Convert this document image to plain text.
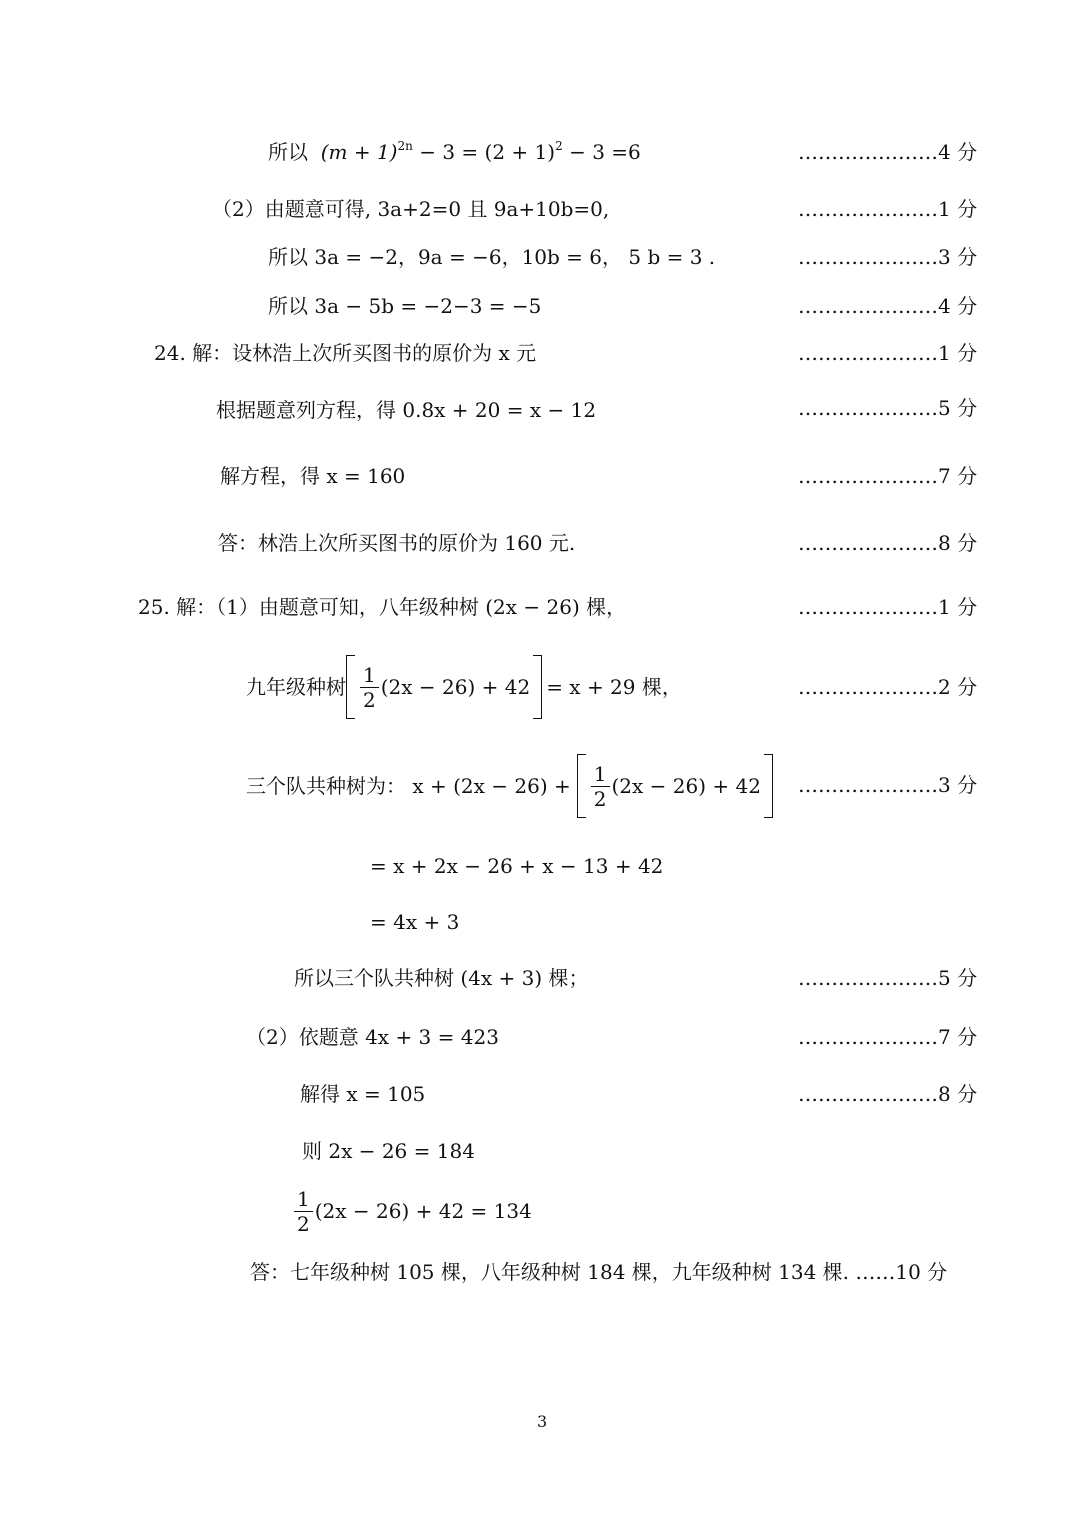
所以 $(m + 1)^{2n} - 3 = (2 + 1)^2 - 3 =6$	…………………4 分
（2）由题意可得, 3a+2=0 且 9a+10b=0,	…………………1 分
所以 3a = −2，9a = −6，10b = 6， 5 b = 3 .	…………………3 分
所以 3a − 5b = −2−3 = −5	…………………4 分
24. 解：设林浩上次所买图书的原价为 x 元	…………………1 分
根据题意列方程，得 0.8x + 20 = x − 12	…………………5 分
解方程，得 x = 160	…………………7 分
答：林浩上次所买图书的原价为 160 元.	…………………8 分
25. 解：（1）由题意可知，八年级种树 (2x − 26) 棵，	…………………1 分
九年级种树 $\frac{1}{2} (2x - 26) + 42 = x + 29$ 棵，	…………………2 分
三个队共种树为： $x + (2x - 26) + \frac{1}{2} (2x - 26) + 42$ …………………3 分
= x + 2x − 26 + x − 13 + 42
= 4x + 3
所以三个队共种树 (4x + 3) 棵；	…………………5 分
（2）依题意 4x + 3 = 423	…………………7 分
解得 x = 105	…………………8 分
则 2x − 26 = 184
$\frac{1}{2} (2x - 26) + 42 = 134$
答：七年级种树 105 棵，八年级种树 184 棵，九年级种树 134 棵. ……10 分
3
